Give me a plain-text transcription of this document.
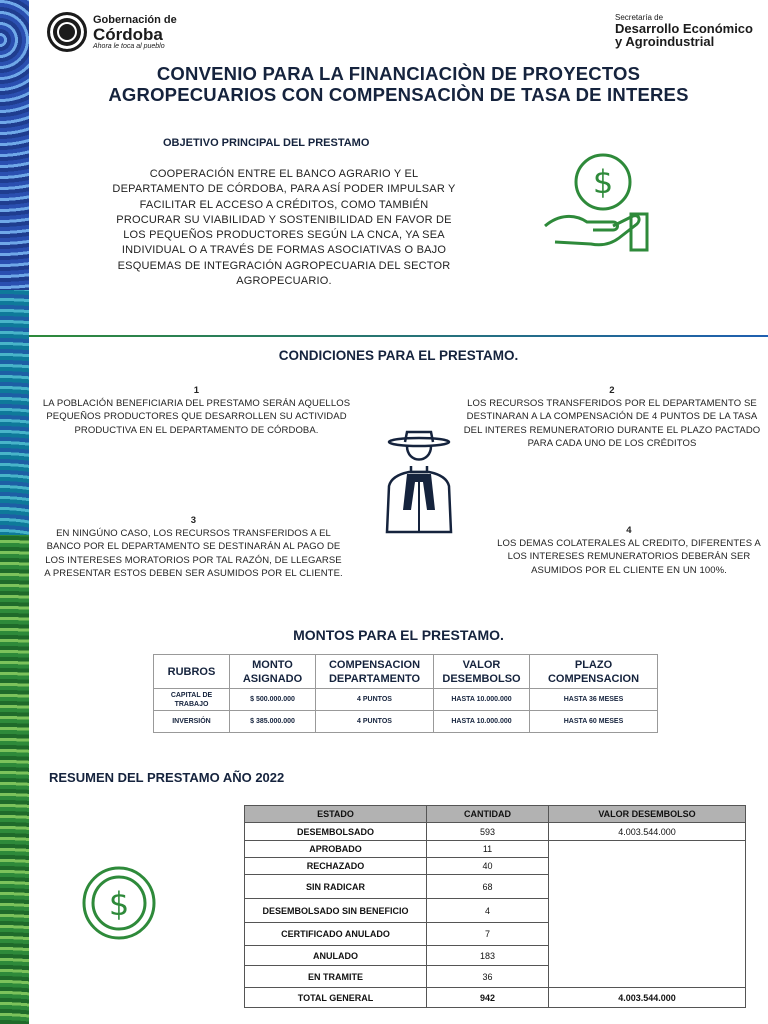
Gobernación de
Córdoba
Ahora le toca al pueblo
Secretaría de
Desarrollo Económico
y Agroindustrial
CONVENIO PARA LA FINANCIACIÒN DE PROYECTOS
AGROPECUARIOS CON COMPENSACIÒN DE TASA DE INTERES
OBJETIVO PRINCIPAL DEL PRESTAMO
COOPERACIÓN ENTRE EL BANCO AGRARIO Y EL DEPARTAMENTO DE CÓRDOBA, PARA ASÍ PODER IMPULSAR Y FACILITAR EL ACCESO A CRÉDITOS, COMO TAMBIÉN PROCURAR SU VIABILIDAD Y SOSTENIBILIDAD EN FAVOR DE LOS PEQUEÑOS PRODUCTORES SEGÚN LA CNCA, YA SEA INDIVIDUAL O A TRAVÉS DE FORMAS ASOCIATIVAS O BAJO ESQUEMAS DE INTEGRACIÓN AGROPECUARIA DEL SECTOR AGROPECUARIO.
$
CONDICIONES PARA EL PRESTAMO.
1
LA POBLACIÓN BENEFICIARIA DEL PRESTAMO SERÁN AQUELLOS PEQUEÑOS PRODUCTORES QUE DESARROLLEN SU ACTIVIDAD PRODUCTIVA EN EL DEPARTAMENTO DE CÓRDOBA.
2
LOS RECURSOS TRANSFERIDOS POR EL DEPARTAMENTO SE DESTINARAN A LA COMPENSACIÓN DE 4 PUNTOS DE LA TASA DEL INTERES REMUNERATORIO DURANTE EL PLAZO PACTADO PARA CADA UNO DE LOS CRÉDITOS
3
EN NINGÚNO CASO, LOS RECURSOS TRANSFERIDOS A EL BANCO POR EL DEPARTAMENTO SE DESTINARÁN AL PAGO DE LOS INTERESES MORATORIOS POR TAL RAZÓN, DE LLEGARSE A PRESENTAR ESTOS DEBEN SER ASUMIDOS POR EL CLIENTE.
4
LOS DEMAS COLATERALES AL CREDITO, DIFERENTES A LOS INTERESES REMUNERATORIOS DEBERÁN SER ASUMIDOS POR EL CLIENTE EN UN 100%.
MONTOS PARA EL PRESTAMO.
RUBROS	MONTO ASIGNADO	COMPENSACION DEPARTAMENTO	VALOR DESEMBOLSO	PLAZO COMPENSACION
CAPITAL DE TRABAJO	$ 500.000.000	4 PUNTOS	HASTA 10.000.000	HASTA 36 MESES
INVERSIÓN	$ 385.000.000	4 PUNTOS	HASTA 10.000.000	HASTA 60 MESES
RESUMEN DEL PRESTAMO AÑO 2022
$
ESTADO	CANTIDAD	VALOR DESEMBOLSO
DESEMBOLSADO	593	4.003.544.000
APROBADO	11	
RECHAZADO	40	
SIN RADICAR	68	
DESEMBOLSADO SIN BENEFICIO	4	
CERTIFICADO ANULADO	7	
ANULADO	183	
EN TRAMITE	36	
TOTAL GENERAL	942	4.003.544.000
